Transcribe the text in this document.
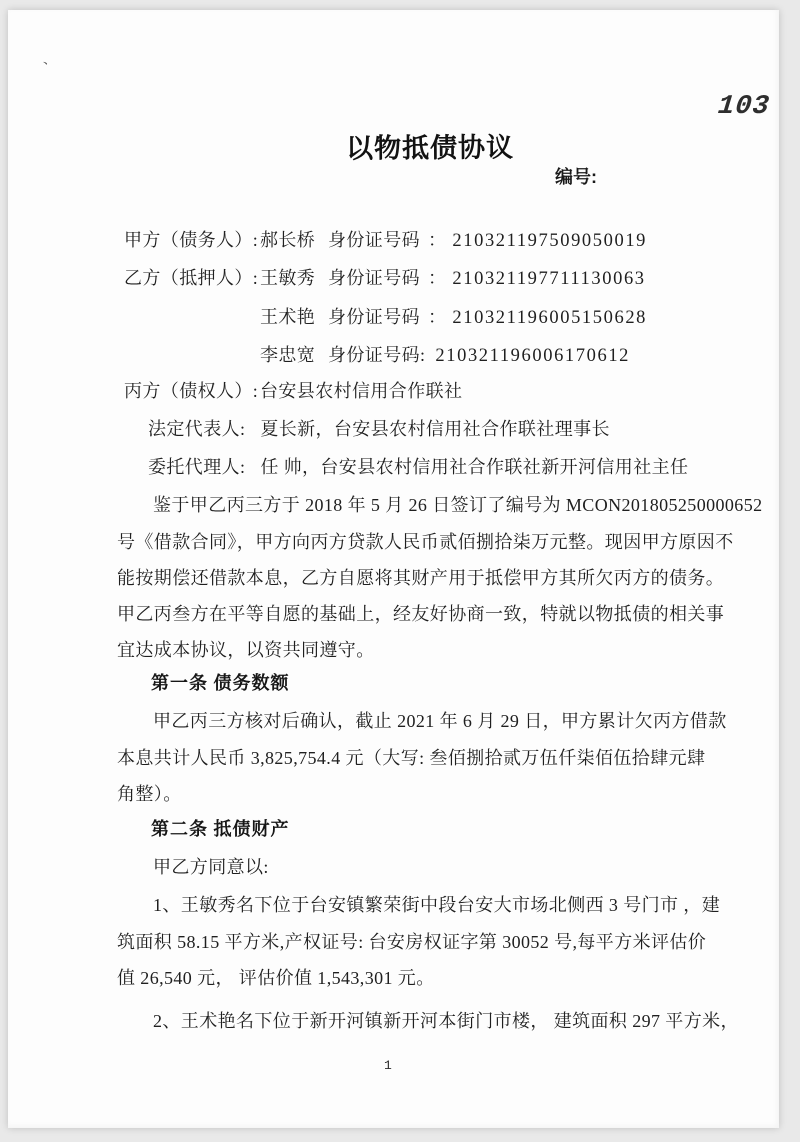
、
103
以物抵债协议
编号:
甲方（债务人）: 郝长桥 身份证号码 ： 210321197509050019
乙方（抵押人）: 王敏秀 身份证号码 ： 210321197711130063
王术艳 身份证号码 ： 210321196005150628
李忠宽 身份证号码: 210321196006170612
丙方（债权人）: 台安县农村信用合作联社
法定代表人: 夏长新，台安县农村信用社合作联社理事长
委托代理人: 任 帅，台安县农村信用社合作联社新开河信用社主任
鉴于甲乙丙三方于 2018 年 5 月 26 日签订了编号为 MCON201805250000652
号《借款合同》，甲方向丙方贷款人民币贰佰捌拾柒万元整。现因甲方原因不
能按期偿还借款本息，乙方自愿将其财产用于抵偿甲方其所欠丙方的债务。
甲乙丙叁方在平等自愿的基础上，经友好协商一致，特就以物抵债的相关事
宜达成本协议，以资共同遵守。
第一条 债务数额
甲乙丙三方核对后确认，截止 2021 年 6 月 29 日，甲方累计欠丙方借款
本息共计人民币 3,825,754.4 元（大写: 叁佰捌拾贰万伍仟柒佰伍拾肆元肆
角整）。
第二条 抵债财产
甲乙方同意以:
1、王敏秀名下位于台安镇繁荣街中段台安大市场北侧西 3 号门市 ，建
筑面积 58.15 平方米,产权证号: 台安房权证字第 30052 号,每平方米评估价
值 26,540 元， 评估价值 1,543,301 元。
2、王术艳名下位于新开河镇新开河本街门市楼， 建筑面积 297 平方米，
1
